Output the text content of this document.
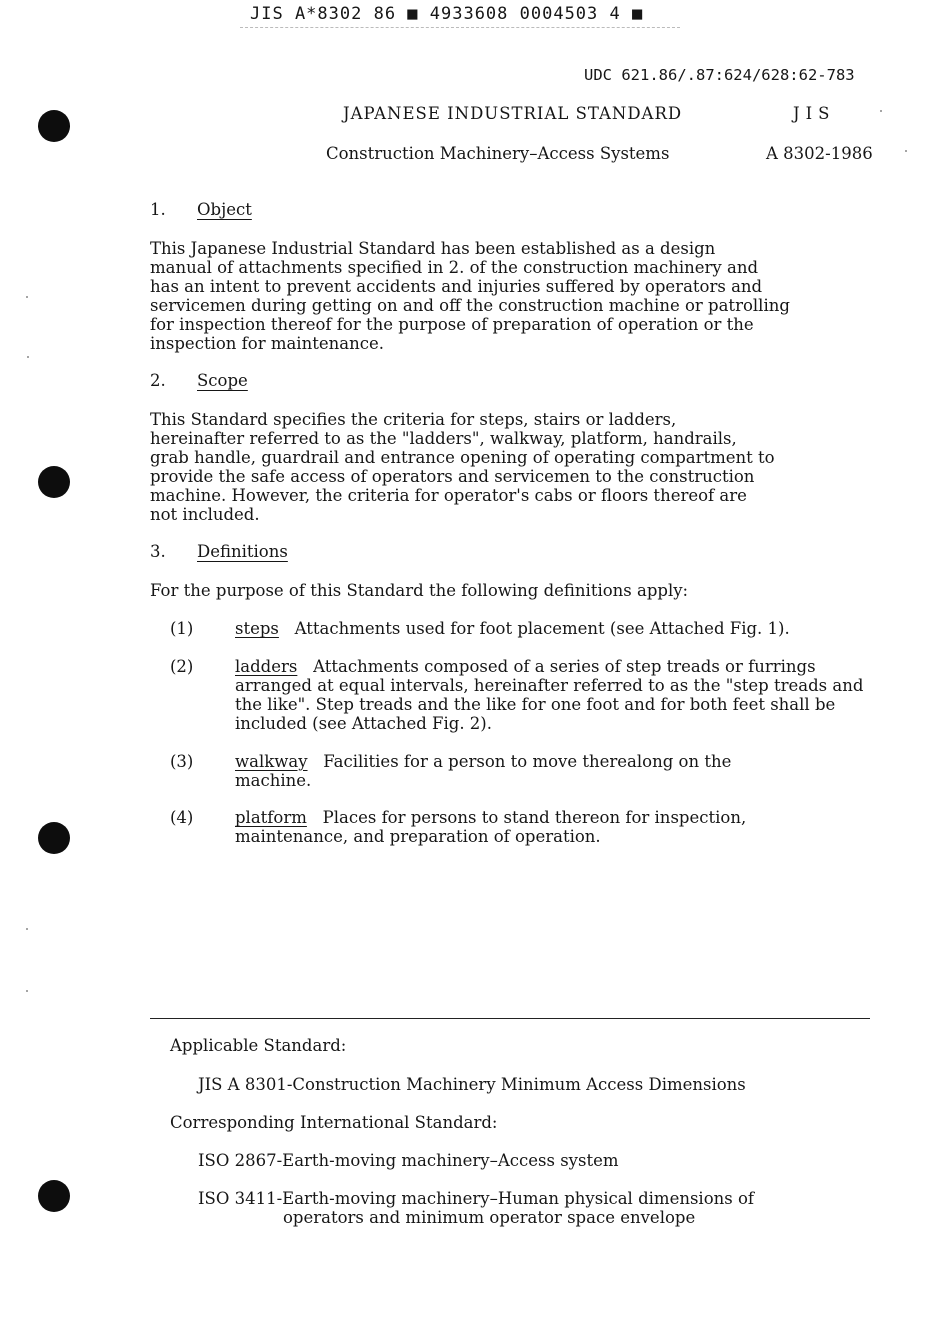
JIS A*8302 86 ■ 4933608 0004503 4 ■
UDC 621.86/.87:624/628:62-783
JAPANESE INDUSTRIAL STANDARD	JIS
Construction Machinery–Access Systems	A 8302-1986
1. Object
This Japanese Industrial Standard has been established as a design
manual of attachments specified in 2. of the construction machinery and
has an intent to prevent accidents and injuries suffered by operators and
servicemen during getting on and off the construction machine or patrolling
for inspection thereof for the purpose of preparation of operation or the
inspection for maintenance.
2. Scope
This Standard specifies the criteria for steps, stairs or ladders,
hereinafter referred to as the "ladders", walkway, platform, handrails,
grab handle, guardrail and entrance opening of operating compartment to
provide the safe access of operators and servicemen to the construction
machine. However, the criteria for operator's cabs or floors thereof are
not included.
3. Definitions
For the purpose of this Standard the following definitions apply:
(1)	steps Attachments used for foot placement (see Attached Fig. 1).
(2)	ladders Attachments composed of a series of step treads or furrings arranged at equal intervals, hereinafter referred to as the "step treads and the like". Step treads and the like for one foot and for both feet shall be included (see Attached Fig. 2).
(3)	walkway Facilities for a person to move therealong on the machine.
(4)	platform Places for persons to stand thereon for inspection, maintenance, and preparation of operation.
Applicable Standard:
JIS A 8301-Construction Machinery Minimum Access Dimensions
Corresponding International Standard:
ISO 2867-Earth-moving machinery–Access system
ISO 3411-Earth-moving machinery–Human physical dimensions of
operators and minimum operator space envelope
